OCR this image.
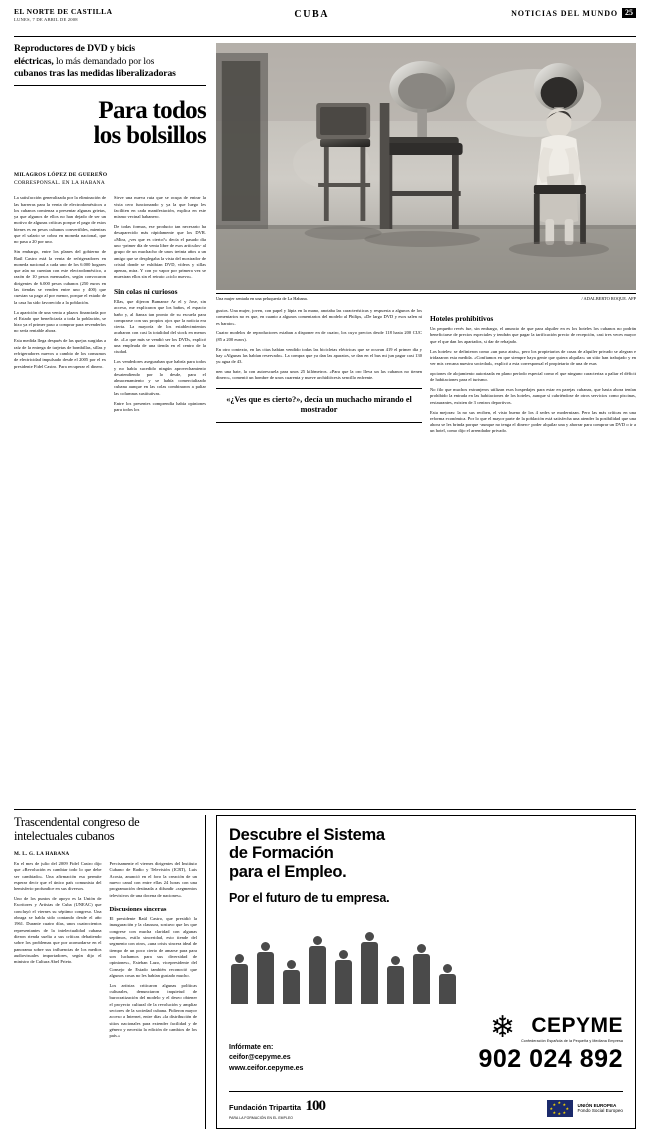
EL NORTE DE CASTILLA
LUNES, 7 DE ABRIL DE 2008	CUBA	NOTICIAS DEL MUNDO 25
Reproductores de DVD y bicis
eléctricas, lo más demandado por los
cubanos tras las medidas liberalizadoras
Para todos
los bolsillos
MILAGROS LÓPEZ DE GUEREÑO
CORRESPONSAL. EN LA HABANA

La satisfacción generalizada por la eliminación de las barreras para la venta de electrodomésticos a los cubanos comienza a presentar algunas grietas, ya que algunos de ellos no han dejado de ser un motivo de algunas críticas porque el pago de estos bienes es en pesos cubanos convertibles, mientras que el salario se cobra en moneda nacional, que no pasa a 20 por uno.

Sin embargo, entre los planes del gobierno de Raúl Castro está la venta de refrigeradores en moneda nacional a cada uno de los 6.000 hogares que aún no cuentan con este electrodoméstico, a razón de 10 pesos mensuales, según convocaron dirigentes de 6.000 pesos cubanos (250 euros en las tiendas se venden entre uno y 400) que cuestan su pago al por menor, porque el estado de la casa ha sido favorecido a la población.

La aparición de una venta a plazos financiada por el Estado que beneficiaría a toda la población, se hizo ya el primer paso a comprar para revenderlos no sería rentable ahora.

Esta medida llega después de las quejas surgidas a raíz de la entrega de tarjetas de bombillas, sillas y refrigeradores nuevos a cambio de los consumos de electricidad impulsado desde el 2005 por el ex presidente Fidel Castro. Para recuperar el dinero.

Sirve una nueva ruta que se ocupa de entrar la vista cero funcionando y ya la que luego les faciliten en cada manifestación, explica en este mismo vecinal habanero.

De todas formas, ese producto tan necesario ha desaparecido más rápidamente que los DVR. «Mira, ¿ves que es cierto?» decía el pasado día uno -primer día de venta libre de esos artículos- al grupo de un muchacho de unos treinta años a un amigo que se desplegaba la vista del mostrador de cristal donde se exhibían DVD, vídeos y sillas apenas, mira. Y con yo vapor por primera vez se muestran ellos sin el retrato «ciclo nuevo».

Sin colas ni curiosos

Ellas, que dijeron Bumanse Ar el y Jose, sin acceso, me explicaron que los baños, el espacio baño y, al fianza tan pronto de su escuela para comprarse con sus propios ojos que la noticia era cierta. La mayoría de los establecimientos acabaron con casi la totalidad del stock en menos de. «Lo que más se vendió ser los DVDs, explicó una empleada de una tienda en el centro de la ciudad.

Los vendedores aseguraban que habría para todos y no había sucedido ningún aprovechamiento desatendiendo por lo desde, para el almacenamiento y se había comercializado cubana aunque en las colas combinaron a paliar las columnas sustitutivas.

Entre los presentes comprendía había opiniones para todos los

Una mujer sentada en una peluquería de La Habana.	/ ADALBERTO ROQUE. AFP

gustos. Una mujer, joven, con papel y lápiz en la mano, anotaba las características y respuesta a algunos de los comentarios no es que, en cuanto a algunos comentarios del modelo al Philips, «De largo DVD y esos salen ni es barato».

Cuatro modelos de reproductores estaban a disponer en de cuatro, los cuyo precios desde 118 hasta 200 CUC (85 a 200 euros).

En otro contexto, en las citas habían vendido todas las bicicletas eléctricas que se ocuvan 419 el primer día y hay «Algunas las habían reservado». La compra que ya dan las aparatos, se dan en el bus mi jun pagar casi 130 yu agua de 43.

nen una bate, la con autoescuela para unos 25 kilómetros. «Para que la oro lleva un las cubanos no tienen dinero», comentó un hombre de unos cuarenta y nueve archidiócesis sencillo enfrente.

«¿Ves que es cierto?», decía un muchacho mirando el mostrador
Hoteles prohibitivos

Un pequeño revés fue, sin embargo, el anuncio de que para alquiler en es los hoteles los cubanos no podrán beneficiarse de precios especiales y tendrán que pagar la tarificación precio de recepción, casi tres veces mayor que el que dan los apartados, si dar de rebajado.

Los hoteles: se definieron como «un paso atrás», pero los propietarios de casas de alquiler privado se alegran e tridazaron esta medida. «Confiamos en que siempre haya gente que quiera alquilar» un sitio han trabajado y en ver mis cercana nuestra sociedad», explicó a esta corresponsal el propietario de una de esas

opciones de alojamiento autorizada en plano período especial como el que ninguno caracteriza a paliar el déficit de habitaciones para el turismo.

No filo que muchos extranjeros utilizan esos hospedajes para estar en parejas cubanas, que hasta ahora tenían prohibido la entrada en las habitaciones de los hoteles, aunque sí cubriéndose de otros servicios como piscinas, restaurantes, existen de 3 centros deportivos.

Esta mejoras: la no sus reciben, el visto bueno de los 4 sedes se modernizan. Pero las más críticas en una reforma económica. Por lo que el mayor parte de la población está satisfecha una atender la posibilidad que una ahora se les brinda porque -aunque no tenga el dinero- poder alquilar una y ahorrar para comprar un DVD o ir a un hotel, como dijo el arrendador privado.

Trascendental congreso de intelectuales cubanos
M. L. G. LA HABANA

En el mes de julio del 2009 Fidel Castro dijo que «Revolución es cambiar todo lo que debe ser cambiado». Una afirmación esa permite esperar decir que el único país comunista del hemisferio profundice en sus diversos.

Uno de los puntos de apoyo es la Unión de Escritores y Artistas de Cuba (UNEAC) que concluyó el viernes su séptimo congreso. Una obraga se habla sido contando desde el año 1961. Durante cuatro días, unos cuatrocientos representantes de la intelectualidad cubana dieron rienda suelta a sus críticas debatiendo sobre los problemas que por acomodarse en el panorama sobre sus influencias de los medios audiovisuales importadores, según dijo el ministro de Cultura Abel Prieto.

Precisamente el viernes dirigentes del Instituto Cubano de Radio y Televisión (ICRT), Luis Acosta, anunció en el foro la creación de un nuevo canal con entre ellas 24 horas con una programación destinada a difundir «segmentos televisivos de una docena de naciones».

Discusiones sinceras

El presidente Raúl Castro, que presidió la inauguración y la clausura, sostuvo que los que congrese con mucha claridad con algunas septimos, estilo sinceridad, esto tiende del segmento con otros, «una crisis sincera ideal de tiempo de un poco cierto de amarse para para son luchamos para sus diversidad de opiniones», Esteban Lazo, vicepresidente del Consejo de Estado también reconoció que algunos cosas no les habían gustado mucho.

Los artistas criticaron algunas políticas culturales, denunciaron inquietud de burocratización del modelo y el deseo obtener el proyecto cultural de la revolución y ampliar sectores de la sociedad cubana. Pidieron mayor acceso a Internet, entre días «la distribución de sitios nacionales para extender facilidad y de género y necesita la edición de cambios de los país.»

Descubre el Sistema
de Formación
para el Empleo.
Por el futuro de tu empresa.
Infórmate en:
ceifor@cepyme.es
www.ceifor.cepyme.es
❄ CEPYME
Confederación Española de la Pequeña y Mediana Empresa
902 024 892
Fundación Tripartita 100
PARA LA FORMACIÓN EN EL EMPLEO
★ ★
★
★
★
★
★
★	UNIÓN EUROPEA
Fondo Social Europeo
